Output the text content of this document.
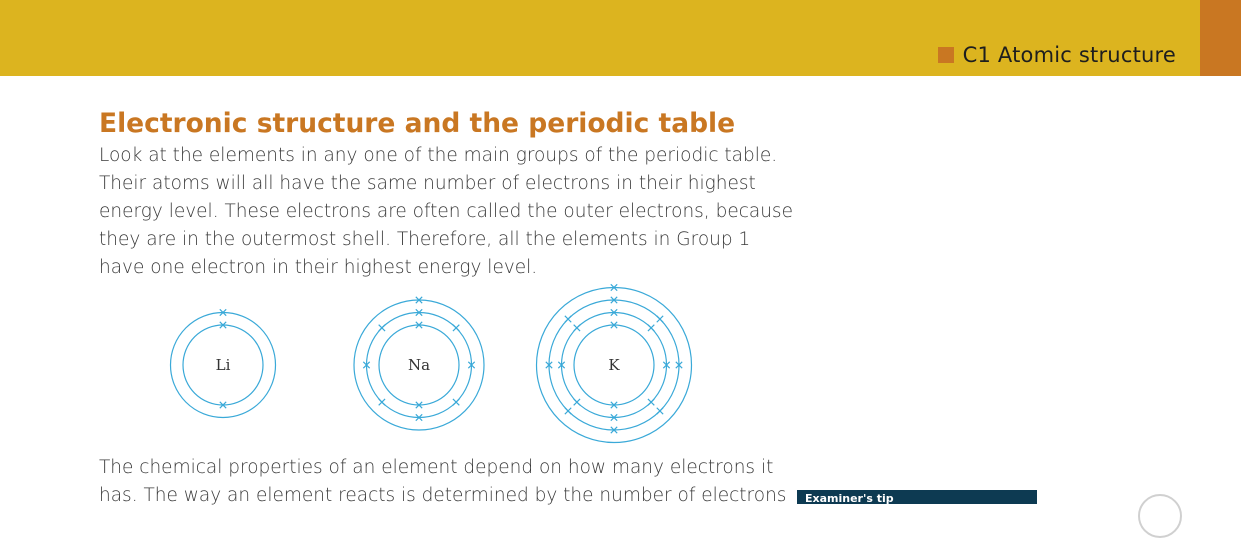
C1 Atomic structure
Electronic structure and the periodic table

Look at the elements in any one of the main groups of the periodic table.
Their atoms will all have the same number of electrons in their highest
energy level. These electrons are often called the outer electrons, because
they are in the outermost shell. Therefore, all the elements in Group 1
have one electron in their highest energy level.

Li	Na	K

The chemical properties of an element depend on how many electrons it
has. The way an element reacts is determined by the number of electrons Examiner's tip
